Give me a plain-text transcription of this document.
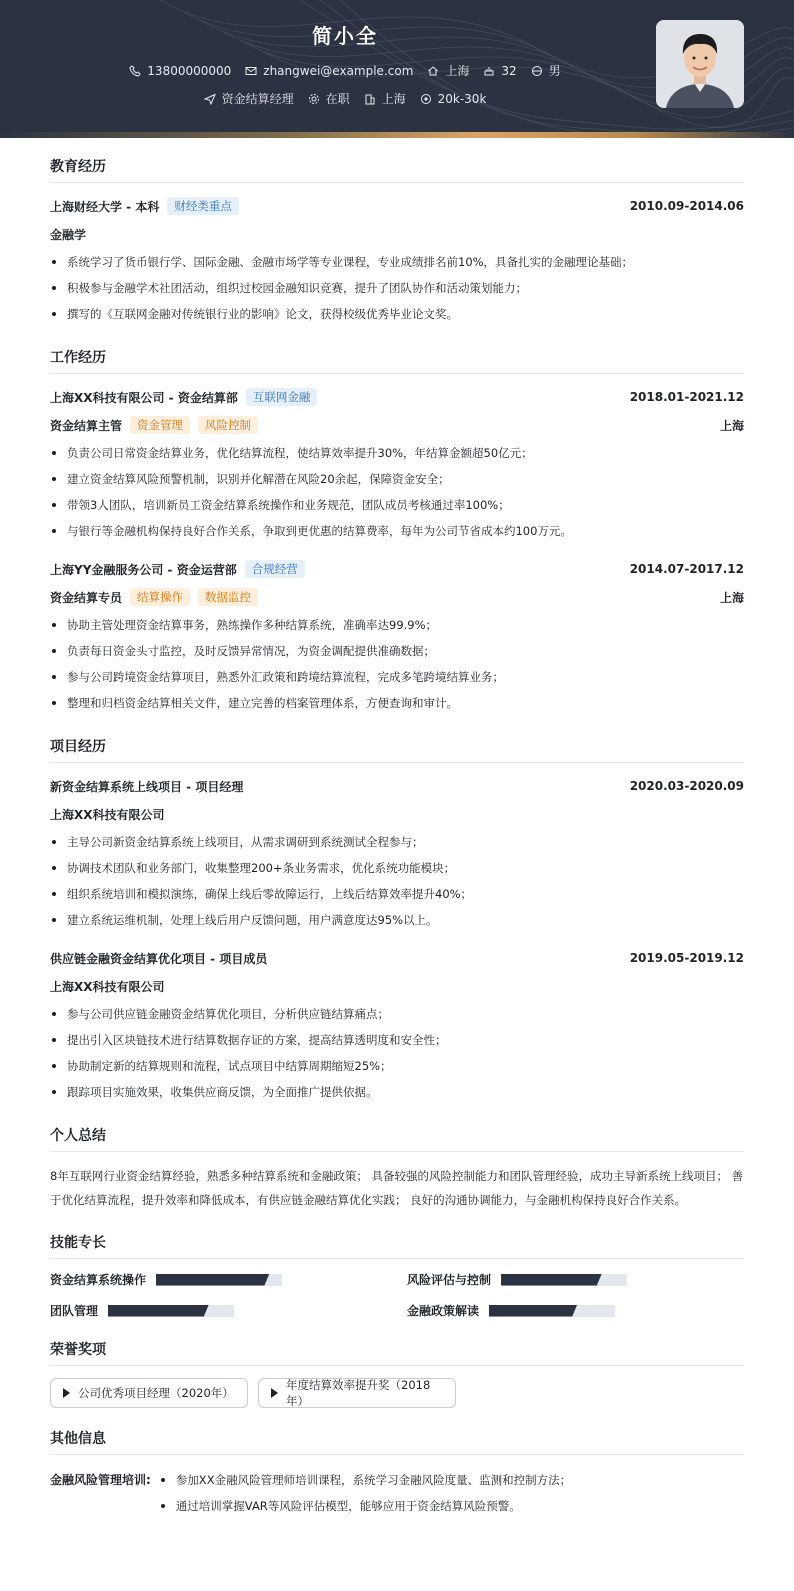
简小全
13800000000	zhangwei@example.com	上海	32	男
资金结算经理	在职	上海	20k-30k
教育经历
上海财经大学 - 本科	财经类重点	2010.09-2014.06
金融学
系统学习了货币银行学、国际金融、金融市场学等专业课程，专业成绩排名前10%，具备扎实的金融理论基础；
积极参与金融学术社团活动，组织过校园金融知识竞赛，提升了团队协作和活动策划能力；
撰写的《互联网金融对传统银行业的影响》论文，获得校级优秀毕业论文奖。
工作经历
上海XX科技有限公司 - 资金结算部	互联网金融	2018.01-2021.12
资金结算主管	资金管理	风险控制	上海
负责公司日常资金结算业务，优化结算流程，使结算效率提升30%，年结算金额超50亿元；
建立资金结算风险预警机制，识别并化解潜在风险20余起，保障资金安全；
带领3人团队，培训新员工资金结算系统操作和业务规范，团队成员考核通过率100%；
与银行等金融机构保持良好合作关系，争取到更优惠的结算费率，每年为公司节省成本约100万元。
上海YY金融服务公司 - 资金运营部	合规经营	2014.07-2017.12
资金结算专员	结算操作	数据监控	上海
协助主管处理资金结算事务，熟练操作多种结算系统，准确率达99.9%；
负责每日资金头寸监控，及时反馈异常情况，为资金调配提供准确数据；
参与公司跨境资金结算项目，熟悉外汇政策和跨境结算流程，完成多笔跨境结算业务；
整理和归档资金结算相关文件，建立完善的档案管理体系，方便查询和审计。
项目经历
新资金结算系统上线项目 - 项目经理	2020.03-2020.09
上海XX科技有限公司
主导公司新资金结算系统上线项目，从需求调研到系统测试全程参与；
协调技术团队和业务部门，收集整理200+条业务需求，优化系统功能模块；
组织系统培训和模拟演练，确保上线后零故障运行，上线后结算效率提升40%；
建立系统运维机制，处理上线后用户反馈问题，用户满意度达95%以上。
供应链金融资金结算优化项目 - 项目成员	2019.05-2019.12
上海XX科技有限公司
参与公司供应链金融资金结算优化项目，分析供应链结算痛点；
提出引入区块链技术进行结算数据存证的方案，提高结算透明度和安全性；
协助制定新的结算规则和流程，试点项目中结算周期缩短25%；
跟踪项目实施效果，收集供应商反馈，为全面推广提供依据。
个人总结
8年互联网行业资金结算经验，熟悉多种结算系统和金融政策； 具备较强的风险控制能力和团队管理经验，成功主导新系统上线项目； 善于优化结算流程，提升效率和降低成本，有供应链金融结算优化实践； 良好的沟通协调能力，与金融机构保持良好合作关系。
技能专长
资金结算系统操作	风险评估与控制
团队管理	金融政策解读
荣誉奖项
公司优秀项目经理（2020年）
年度结算效率提升奖（2018年）
其他信息
金融风险管理培训:	参加XX金融风险管理师培训课程，系统学习金融风险度量、监测和控制方法；
通过培训掌握VAR等风险评估模型，能够应用于资金结算风险预警。
